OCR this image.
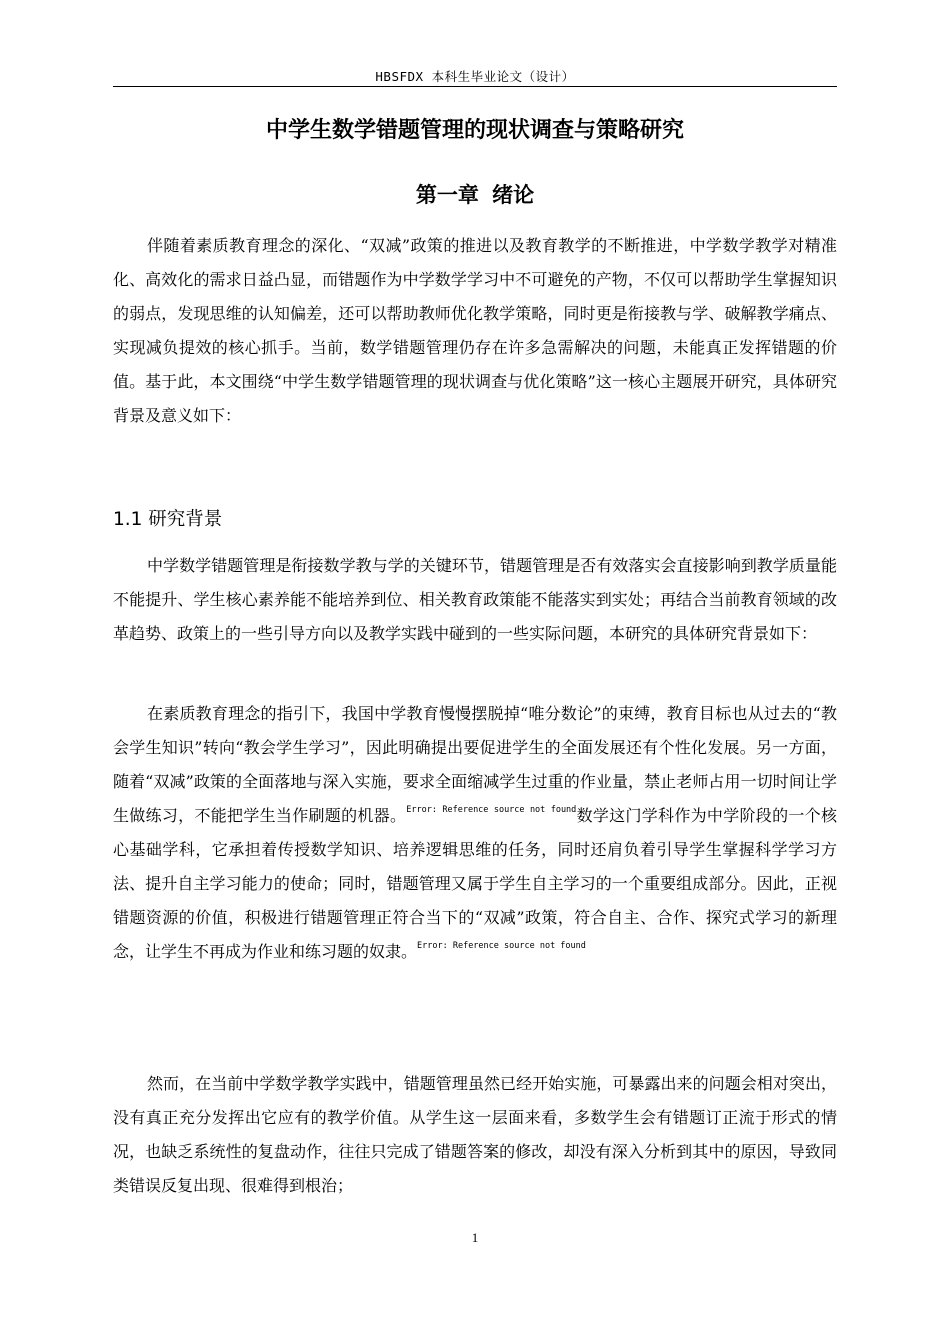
HBSFDX 本科生毕业论文（设计）
中学生数学错题管理的现状调查与策略研究
第一章 绪论

伴随着素质教育理念的深化、“双减”政策的推进以及教育教学的不断推进，中学数学教学对精准化、高效化的需求日益凸显，而错题作为中学数学学习中不可避免的产物，不仅可以帮助学生掌握知识的弱点，发现思维的认知偏差，还可以帮助教师优化教学策略，同时更是衔接教与学、破解教学痛点、实现减负提效的核心抓手。当前，数学错题管理仍存在许多急需解决的问题，未能真正发挥错题的价值。基于此，本文围绕“中学生数学错题管理的现状调查与优化策略”这一核心主题展开研究，具体研究背景及意义如下：

1.1 研究背景

中学数学错题管理是衔接数学教与学的关键环节，错题管理是否有效落实会直接影响到教学质量能不能提升、学生核心素养能不能培养到位、相关教育政策能不能落实到实处；再结合当前教育领域的改革趋势、政策上的一些引导方向以及教学实践中碰到的一些实际问题，本研究的具体研究背景如下：

在素质教育理念的指引下，我国中学教育慢慢摆脱掉“唯分数论”的束缚，教育目标也从过去的“教会学生知识”转向“教会学生学习”，因此明确提出要促进学生的全面发展还有个性化发展。另一方面，随着“双减”政策的全面落地与深入实施，要求全面缩减学生过重的作业量，禁止老师占用一切时间让学生做练习，不能把学生当作刷题的机器。$^{Error: Reference source not found}$数学这门学科作为中学阶段的一个核心基础学科，它承担着传授数学知识、培养逻辑思维的任务，同时还肩负着引导学生掌握科学学习方法、提升自主学习能力的使命；同时，错题管理又属于学生自主学习的一个重要组成部分。因此，正视错题资源的价值，积极进行错题管理正符合当下的“双减”政策，符合自主、合作、探究式学习的新理念，让学生不再成为作业和练习题的奴隶。$^{Error: Reference source not found}$

然而，在当前中学数学教学实践中，错题管理虽然已经开始实施，可暴露出来的问题会相对突出，没有真正充分发挥出它应有的教学价值。从学生这一层面来看，多数学生会有错题订正流于形式的情况，也缺乏系统性的复盘动作，往往只完成了错题答案的修改，却没有深入分析到其中的原因，导致同类错误反复出现、很难得到根治；

1
